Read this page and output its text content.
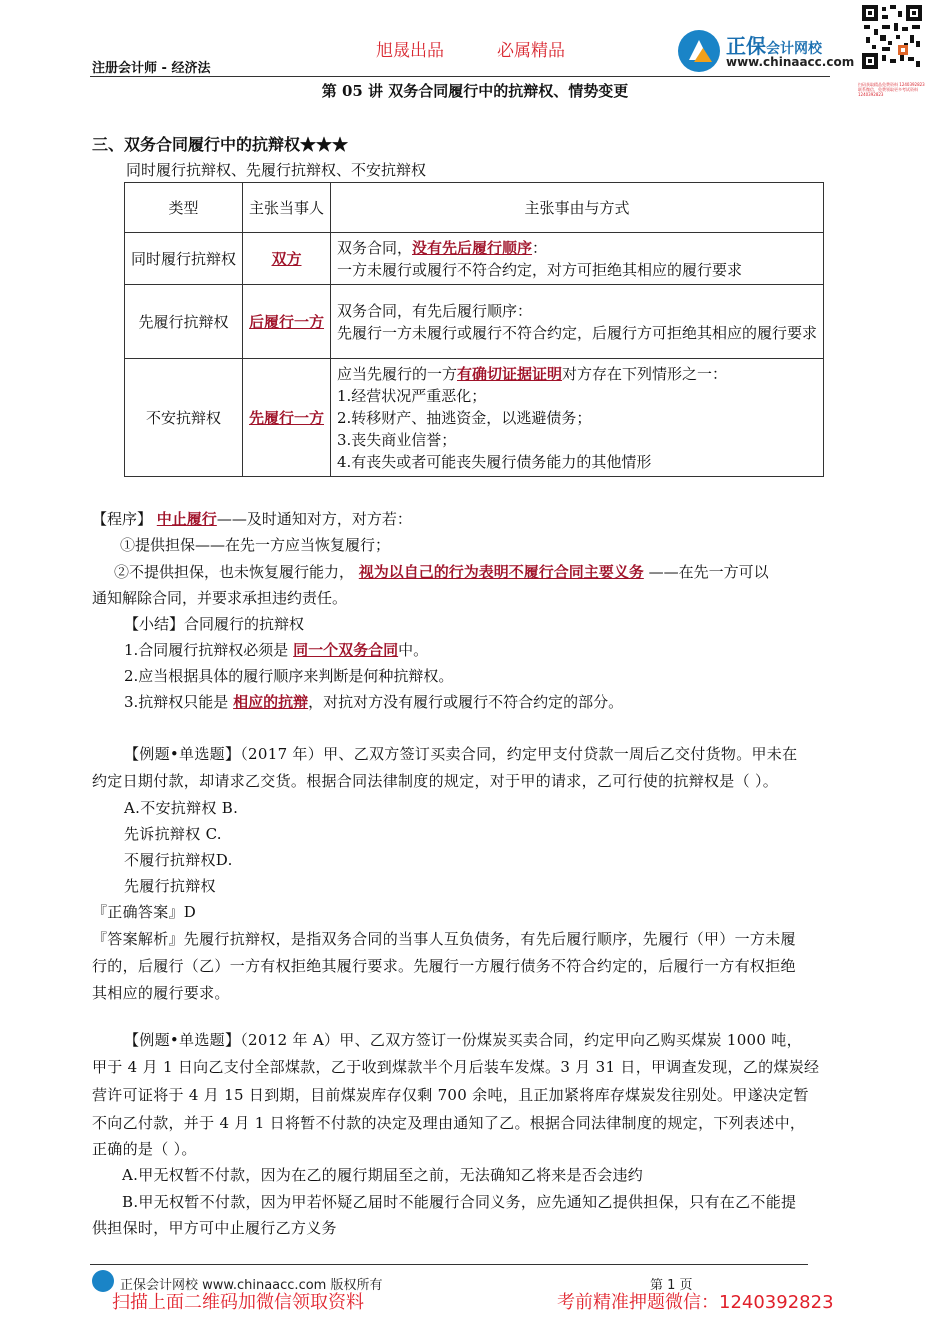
旭晟出品	必属精品
注册会计师 - 经济法
正保会计网校
www.chinaacc.com
扫码获取精品免费资料 1240392823 联系微信，免费领取更多考试资料 1240392823
第 05 讲 双务合同履行中的抗辩权、情势变更
三、双务合同履行中的抗辩权★★★
同时履行抗辩权、先履行抗辩权、不安抗辩权
类型	主张当事人	主张事由与方式
同时履行抗辩权	双方	双务合同，没有先后履行顺序：
一方未履行或履行不符合约定，对方可拒绝其相应的履行要求
先履行抗辩权	后履行一方	双务合同，有先后履行顺序：
先履行一方未履行或履行不符合约定，后履行方可拒绝其相应的履行要求
不安抗辩权	先履行一方	应当先履行的一方有确切证据证明对方存在下列情形之一：
1.经营状况严重恶化；
2.转移财产、抽逃资金，以逃避债务；
3.丧失商业信誉；
4.有丧失或者可能丧失履行债务能力的其他情形
【程序】 中止履行——及时通知对方，对方若：
①提供担保——在先一方应当恢复履行；
②不提供担保，也未恢复履行能力， 视为以自己的行为表明不履行合同主要义务 ——在先一方可以
通知解除合同，并要求承担违约责任。
【小结】合同履行的抗辩权
1.合同履行抗辩权必须是 同一个双务合同中。
2.应当根据具体的履行顺序来判断是何种抗辩权。
3.抗辩权只能是 相应的抗辩，对抗对方没有履行或履行不符合约定的部分。
【例题•单选题】（2017 年）甲、乙双方签订买卖合同，约定甲支付贷款一周后乙交付货物。甲未在
约定日期付款，却请求乙交货。根据合同法律制度的规定，对于甲的请求，乙可行使的抗辩权是（ ）。
A.不安抗辩权 B.
先诉抗辩权 C.
不履行抗辩权D.
先履行抗辩权
『正确答案』D
『答案解析』先履行抗辩权，是指双务合同的当事人互负债务，有先后履行顺序，先履行（甲）一方未履
行的，后履行（乙）一方有权拒绝其履行要求。先履行一方履行债务不符合约定的，后履行一方有权拒绝
其相应的履行要求。
【例题•单选题】（2012 年 A）甲、乙双方签订一份煤炭买卖合同，约定甲向乙购买煤炭 1000 吨，
甲于 4 月 1 日向乙支付全部煤款，乙于收到煤款半个月后装车发煤。3 月 31 日，甲调查发现，乙的煤炭经
营许可证将于 4 月 15 日到期，目前煤炭库存仅剩 700 余吨，且正加紧将库存煤炭发往别处。甲遂决定暂
不向乙付款，并于 4 月 1 日将暂不付款的决定及理由通知了乙。根据合同法律制度的规定，下列表述中，
正确的是（ ）。
A.甲无权暂不付款，因为在乙的履行期届至之前，无法确知乙将来是否会违约
B.甲无权暂不付款，因为甲若怀疑乙届时不能履行合同义务，应先通知乙提供担保，只有在乙不能提
供担保时，甲方可中止履行乙方义务
正保会计网校 www.chinaacc.com 版权所有	第 1 页
扫描上面二维码加微信领取资料	考前精准押题微信：1240392823
